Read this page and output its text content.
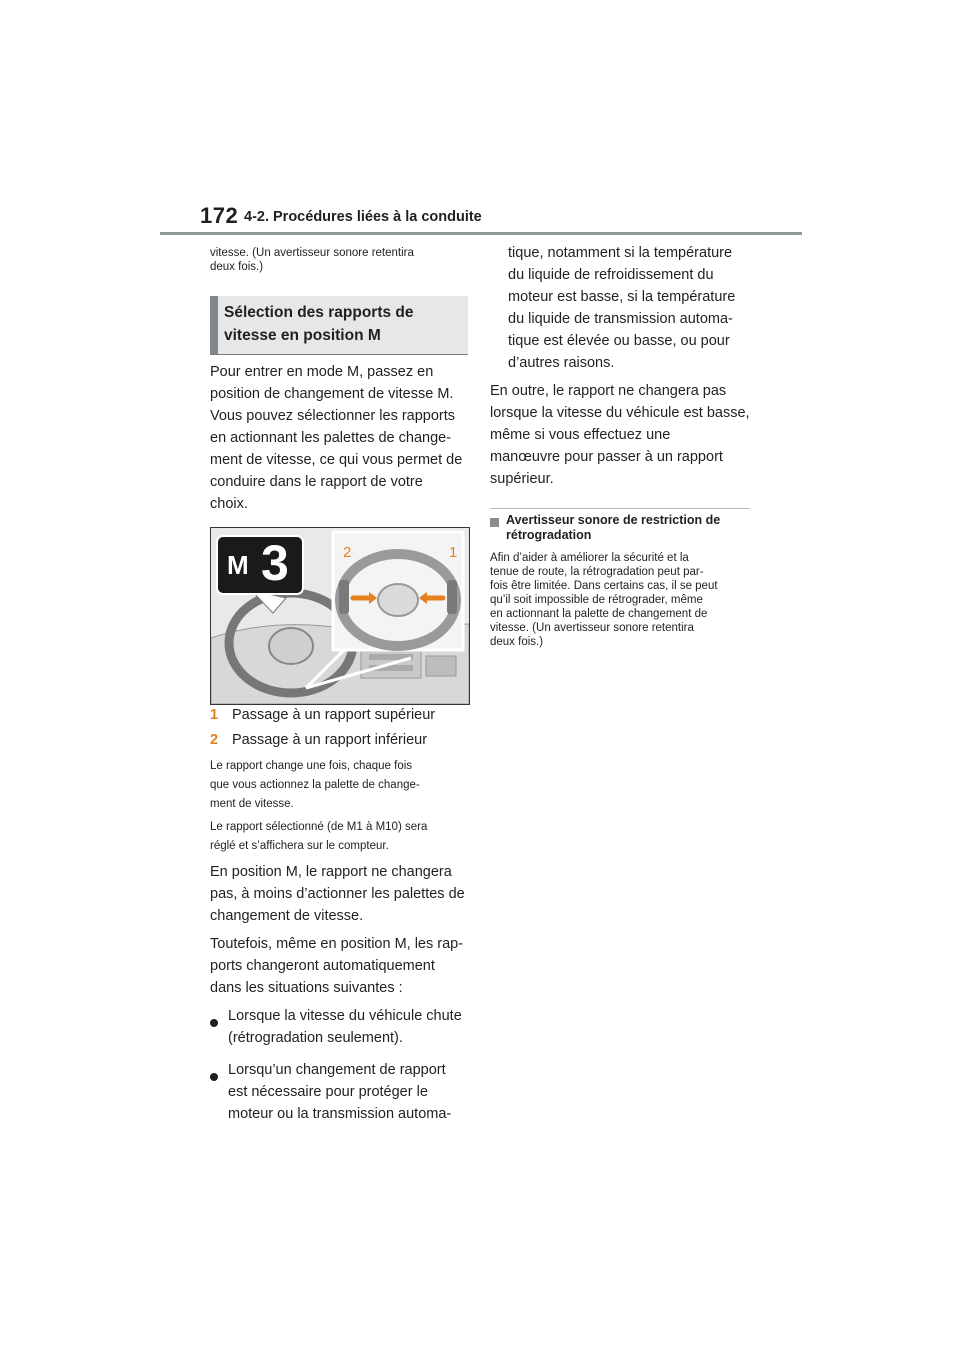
172 4-2. Procédures liées à la conduite
vitesse. (Un avertisseur sonore retentira
deux fois.)
Sélection des rapports de
vitesse en position M
Pour entrer en mode M, passez en
position de changement de vitesse M.
Vous pouvez sélectionner les rapports
en actionnant les palettes de change-
ment de vitesse, ce qui vous permet de
conduire dans le rapport de votre
choix.
M 3	2	1
1 Passage à un rapport supérieur
2 Passage à un rapport inférieur
Le rapport change une fois, chaque fois
que vous actionnez la palette de change-
ment de vitesse.
Le rapport sélectionné (de M1 à M10) sera
réglé et s’affichera sur le compteur.
En position M, le rapport ne changera
pas, à moins d’actionner les palettes de
changement de vitesse.
Toutefois, même en position M, les rap-
ports changeront automatiquement
dans les situations suivantes :
Lorsque la vitesse du véhicule chute
(rétrogradation seulement).
Lorsqu’un changement de rapport
est nécessaire pour protéger le
moteur ou la transmission automa-
tique, notamment si la température
du liquide de refroidissement du
moteur est basse, si la température
du liquide de transmission automa-
tique est élevée ou basse, ou pour
d’autres raisons.
En outre, le rapport ne changera pas
lorsque la vitesse du véhicule est basse,
même si vous effectuez une
manœuvre pour passer à un rapport
supérieur.
Avertisseur sonore de restriction de
rétrogradation
Afin d’aider à améliorer la sécurité et la
tenue de route, la rétrogradation peut par-
fois être limitée. Dans certains cas, il se peut
qu’il soit impossible de rétrograder, même
en actionnant la palette de changement de
vitesse. (Un avertisseur sonore retentira
deux fois.)
